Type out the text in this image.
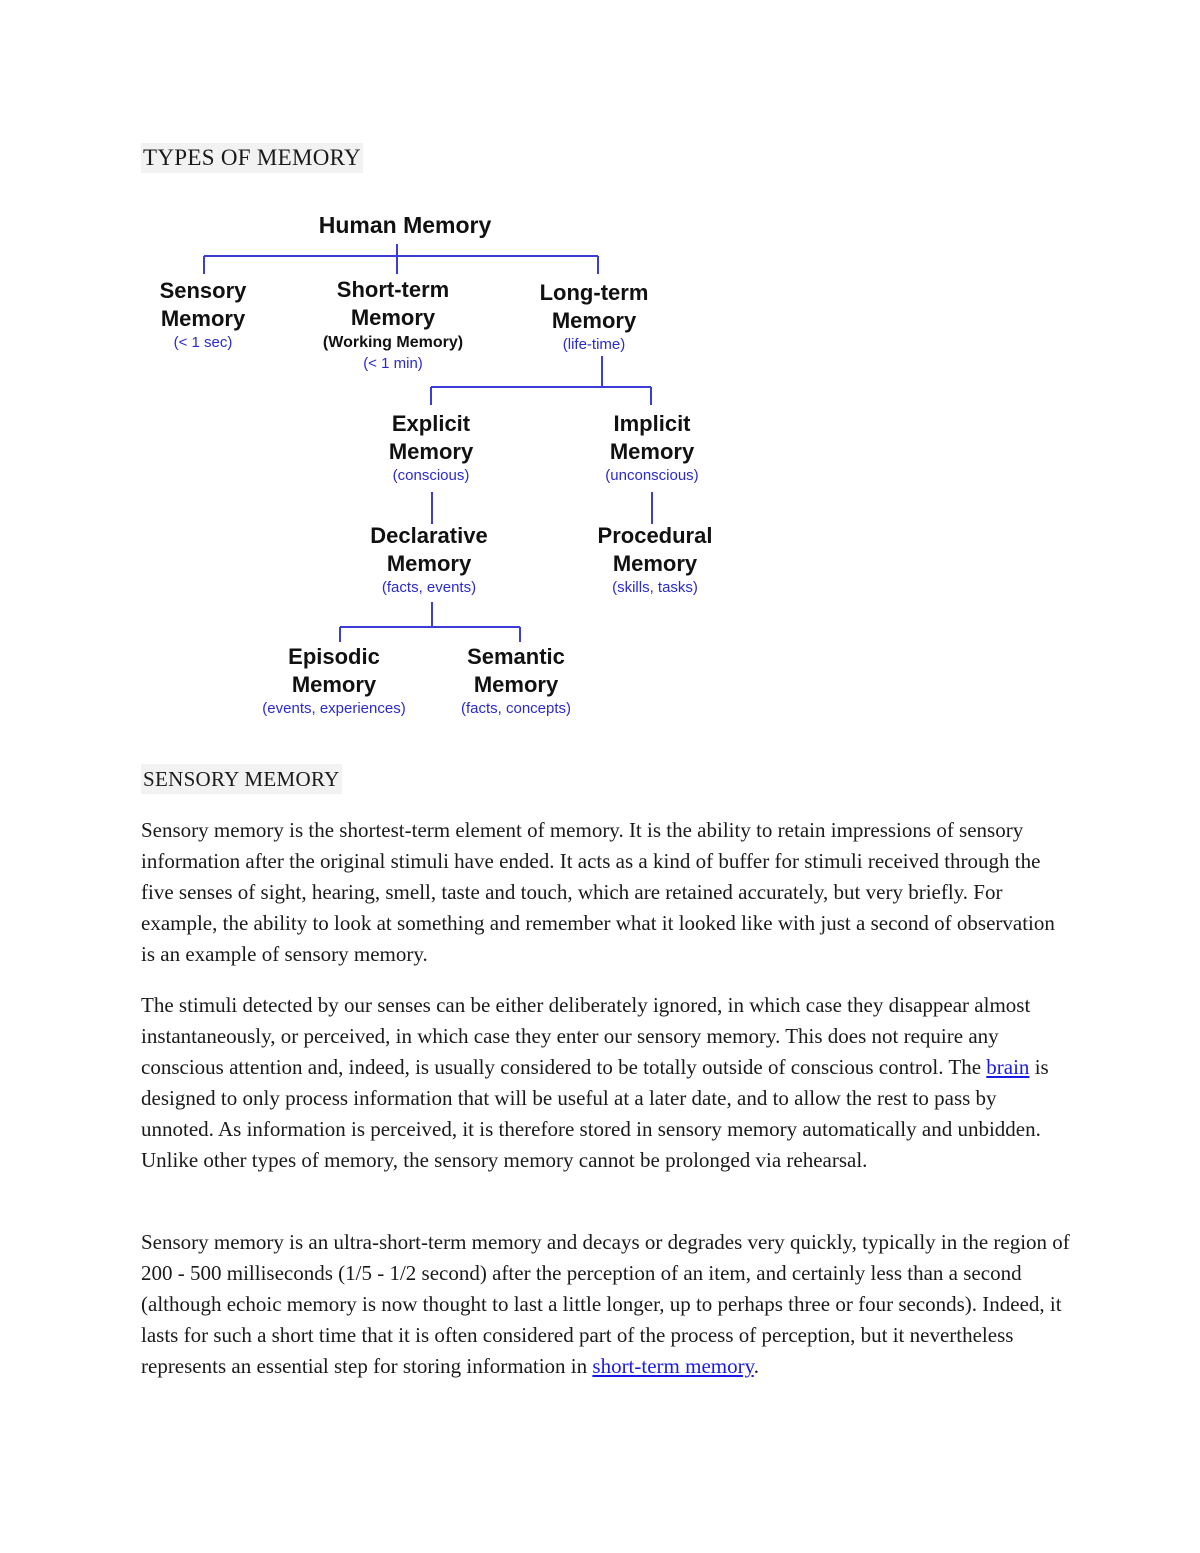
TYPES OF MEMORY
Human Memory
Sensory
Memory
(< 1 sec)
Short-term
Memory
(Working Memory)
(< 1 min)
Long-term
Memory
(life-time)
Explicit
Memory
(conscious)
Implicit
Memory
(unconscious)
Declarative
Memory
(facts, events)
Procedural
Memory
(skills, tasks)
Episodic
Memory
(events, experiences)
Semantic
Memory
(facts, concepts)
SENSORY MEMORY

Sensory memory is the shortest-term element of memory. It is the ability to retain impressions of sensory information after the original stimuli have ended. It acts as a kind of buffer for stimuli received through the five senses of sight, hearing, smell, taste and touch, which are retained accurately, but very briefly. For example, the ability to look at something and remember what it looked like with just a second of observation is an example of sensory memory.

The stimuli detected by our senses can be either deliberately ignored, in which case they disappear almost instantaneously, or perceived, in which case they enter our sensory memory. This does not require any conscious attention and, indeed, is usually considered to be totally outside of conscious control. The brain is designed to only process information that will be useful at a later date, and to allow the rest to pass by unnoted. As information is perceived, it is therefore stored in sensory memory automatically and unbidden. Unlike other types of memory, the sensory memory cannot be prolonged via rehearsal.

Sensory memory is an ultra-short-term memory and decays or degrades very quickly, typically in the region of 200 - 500 milliseconds (1/5 - 1/2 second) after the perception of an item, and certainly less than a second (although echoic memory is now thought to last a little longer, up to perhaps three or four seconds). Indeed, it lasts for such a short time that it is often considered part of the process of perception, but it nevertheless represents an essential step for storing information in short-term memory.
